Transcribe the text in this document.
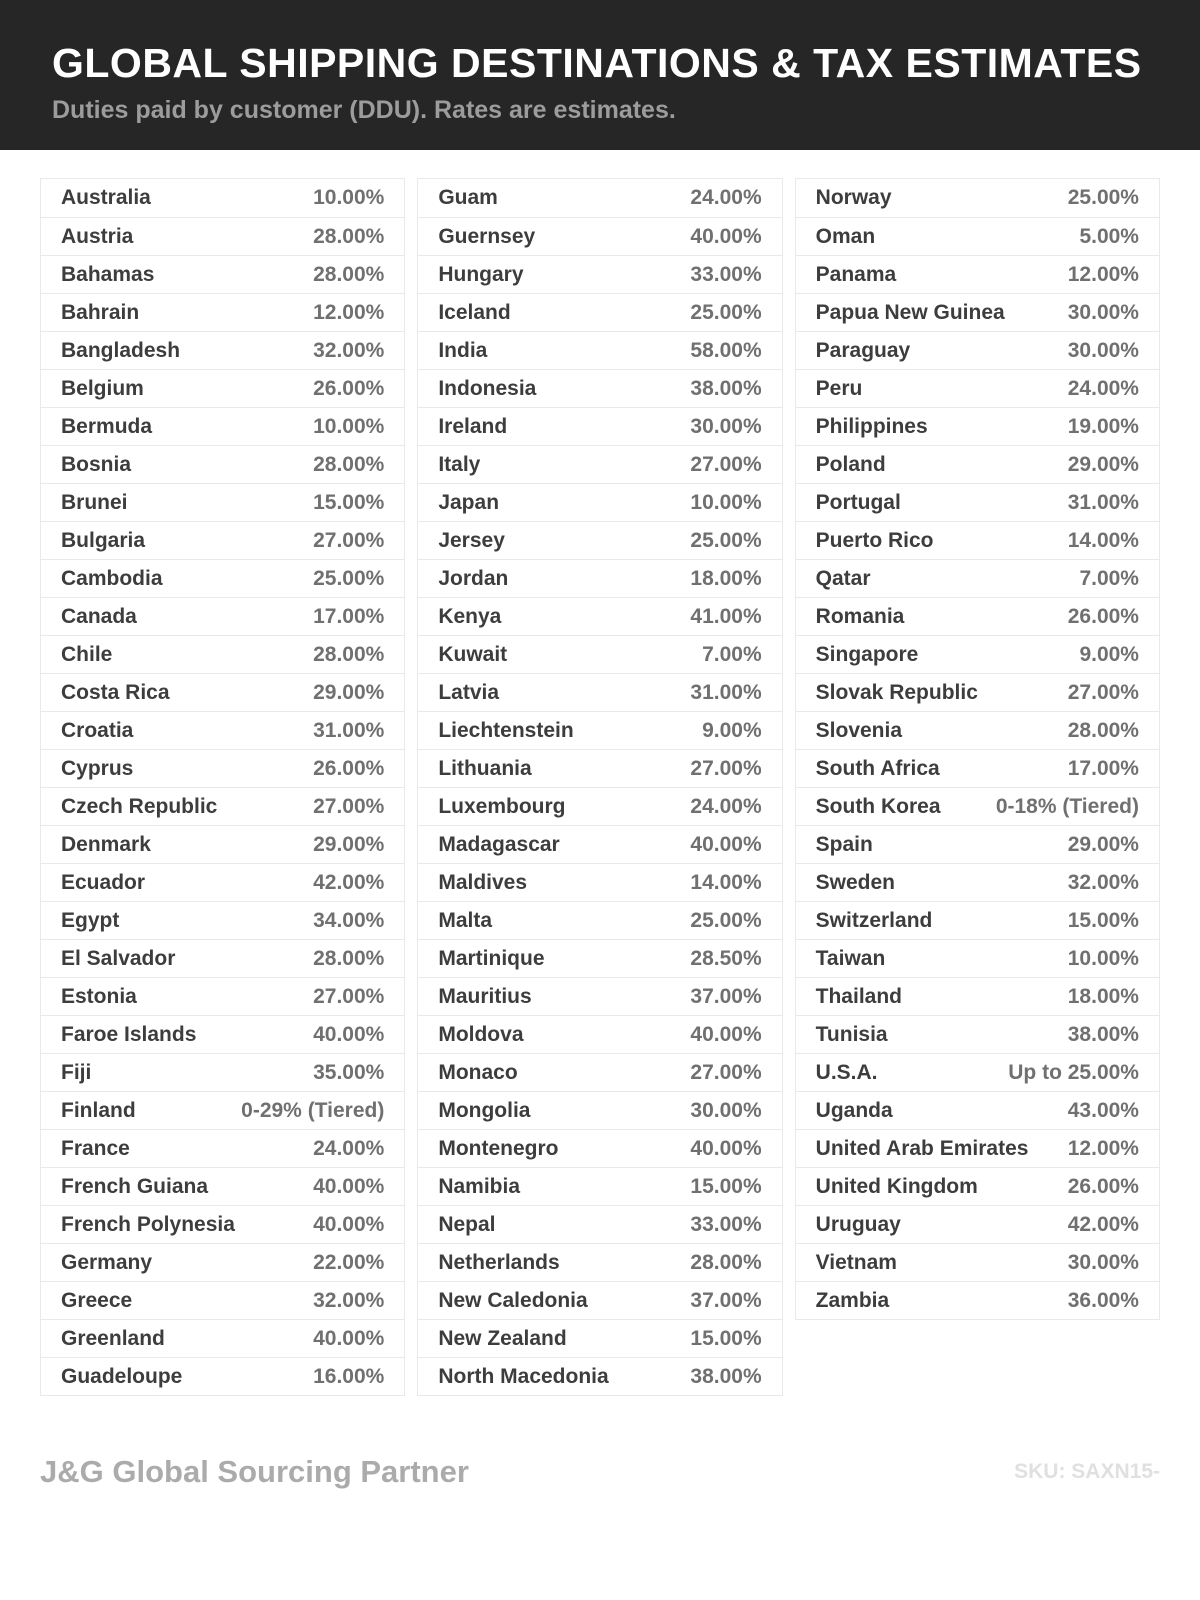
GLOBAL SHIPPING DESTINATIONS & TAX ESTIMATES
Duties paid by customer (DDU). Rates are estimates.
Australia	10.00%
Austria	28.00%
Bahamas	28.00%
Bahrain	12.00%
Bangladesh	32.00%
Belgium	26.00%
Bermuda	10.00%
Bosnia	28.00%
Brunei	15.00%
Bulgaria	27.00%
Cambodia	25.00%
Canada	17.00%
Chile	28.00%
Costa Rica	29.00%
Croatia	31.00%
Cyprus	26.00%
Czech Republic	27.00%
Denmark	29.00%
Ecuador	42.00%
Egypt	34.00%
El Salvador	28.00%
Estonia	27.00%
Faroe Islands	40.00%
Fiji	35.00%
Finland	0-29% (Tiered)
France	24.00%
French Guiana	40.00%
French Polynesia	40.00%
Germany	22.00%
Greece	32.00%
Greenland	40.00%
Guadeloupe	16.00%
Guam	24.00%
Guernsey	40.00%
Hungary	33.00%
Iceland	25.00%
India	58.00%
Indonesia	38.00%
Ireland	30.00%
Italy	27.00%
Japan	10.00%
Jersey	25.00%
Jordan	18.00%
Kenya	41.00%
Kuwait	7.00%
Latvia	31.00%
Liechtenstein	9.00%
Lithuania	27.00%
Luxembourg	24.00%
Madagascar	40.00%
Maldives	14.00%
Malta	25.00%
Martinique	28.50%
Mauritius	37.00%
Moldova	40.00%
Monaco	27.00%
Mongolia	30.00%
Montenegro	40.00%
Namibia	15.00%
Nepal	33.00%
Netherlands	28.00%
New Caledonia	37.00%
New Zealand	15.00%
North Macedonia	38.00%
Norway	25.00%
Oman	5.00%
Panama	12.00%
Papua New Guinea	30.00%
Paraguay	30.00%
Peru	24.00%
Philippines	19.00%
Poland	29.00%
Portugal	31.00%
Puerto Rico	14.00%
Qatar	7.00%
Romania	26.00%
Singapore	9.00%
Slovak Republic	27.00%
Slovenia	28.00%
South Africa	17.00%
South Korea	0-18% (Tiered)
Spain	29.00%
Sweden	32.00%
Switzerland	15.00%
Taiwan	10.00%
Thailand	18.00%
Tunisia	38.00%
U.S.A.	Up to 25.00%
Uganda	43.00%
United Arab Emirates 12.00%
United Kingdom	26.00%
Uruguay	42.00%
Vietnam	30.00%
Zambia	36.00%
J&G Global Sourcing Partner	SKU: SAXN15-
